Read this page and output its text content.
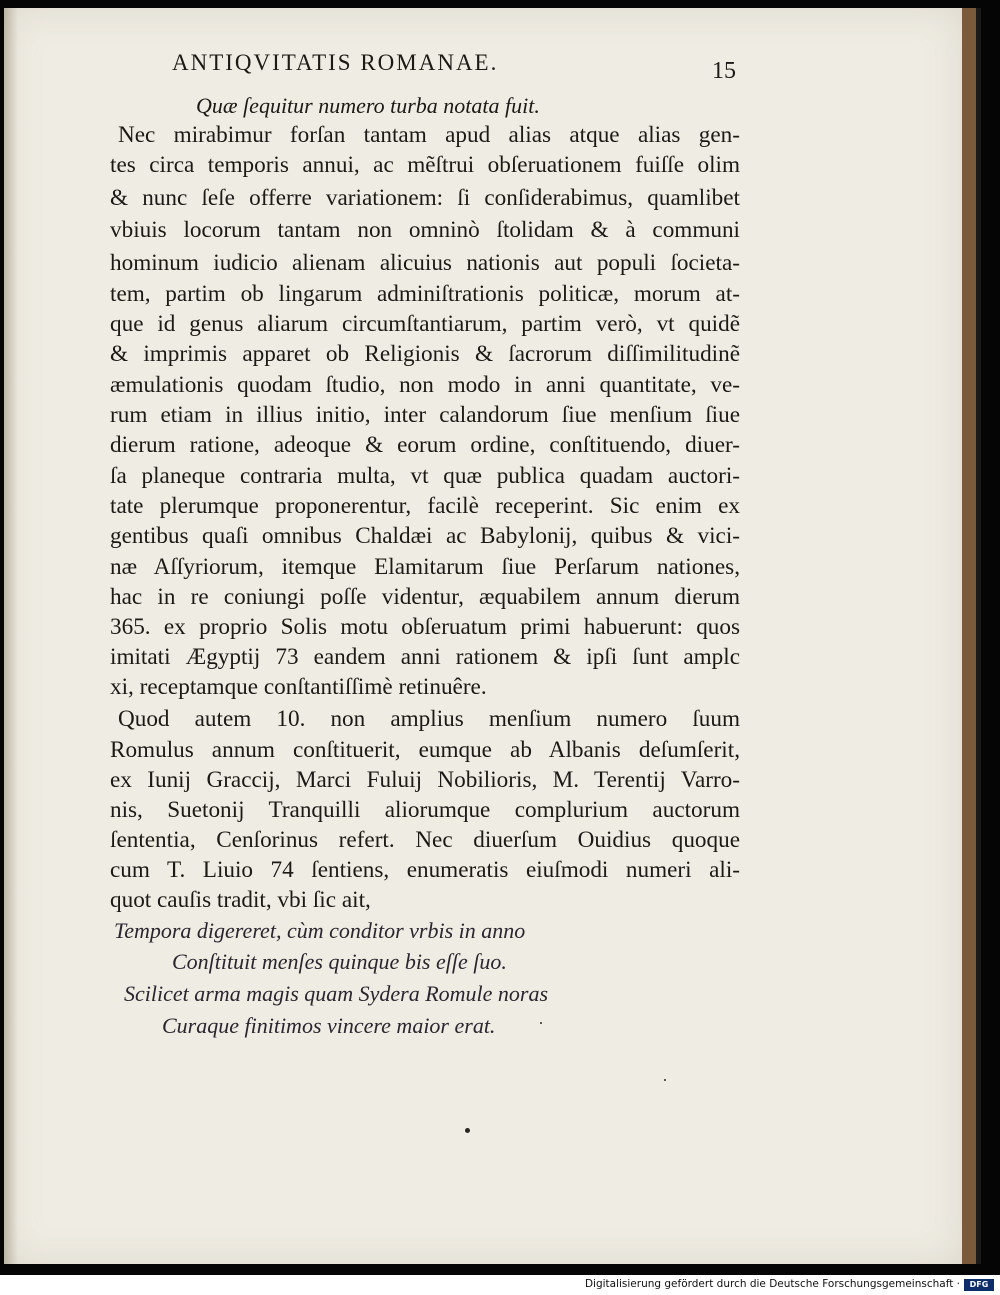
ANTIQVITATIS ROMANAE.	15
Quæ ſequitur numero turba notata fuit.
Nec mirabimur forſan tantam apud alias atque alias gen-
tes circa temporis annui, ac mẽſtrui obſeruationem fuiſſe olim
& nunc ſeſe offerre variationem: ſi conſiderabimus, quamlibet
vbiuis locorum tantam non omninò ſtolidam & à communi
hominum iudicio alienam alicuius nationis aut populi ſocieta-
tem, partim ob lingarum adminiſtrationis politicæ, morum at-
que id genus aliarum circumſtantiarum, partim verò, vt quidẽ
& imprimis apparet ob Religionis & ſacrorum diſſimilitudinẽ
æmulationis quodam ſtudio, non modo in anni quantitate, ve-
rum etiam in illius initio, inter calandorum ſiue menſium ſiue
dierum ratione, adeoque & eorum ordine, conſtituendo, diuer-
ſa planeque contraria multa, vt quæ publica quadam auctori-
tate plerumque proponerentur, facilè receperint. Sic enim ex
gentibus quaſi omnibus Chaldæi ac Babylonij, quibus & vici-
næ Aſſyriorum, itemque Elamitarum ſiue Perſarum nationes,
hac in re coniungi poſſe videntur, æquabilem annum dierum
365. ex proprio Solis motu obſeruatum primi habuerunt: quos
imitati Ægyptij 73 eandem anni rationem & ipſi ſunt amplc
xi, receptamque conſtantiſſimè retinuêre.
Quod autem 10. non amplius menſium numero ſuum
Romulus annum conſtituerit, eumque ab Albanis deſumſerit,
ex Iunij Graccij, Marci Fuluij Nobilioris, M. Terentij Varro-
nis, Suetonij Tranquilli aliorumque complurium auctorum
ſententia, Cenſorinus refert. Nec diuerſum Ouidius quoque
cum T. Liuio 74 ſentiens, enumeratis eiuſmodi numeri ali-
quot cauſis tradit, vbi ſic ait,
Tempora digereret, cùm conditor vrbis in anno
Conſtituit menſes quinque bis eſſe ſuo.
Scilicet arma magis quam Sydera Romule noras
Curaque finitimos vincere maior erat.
Digitalisierung gefördert durch die Deutsche Forschungsgemeinschaft ·	DFG
